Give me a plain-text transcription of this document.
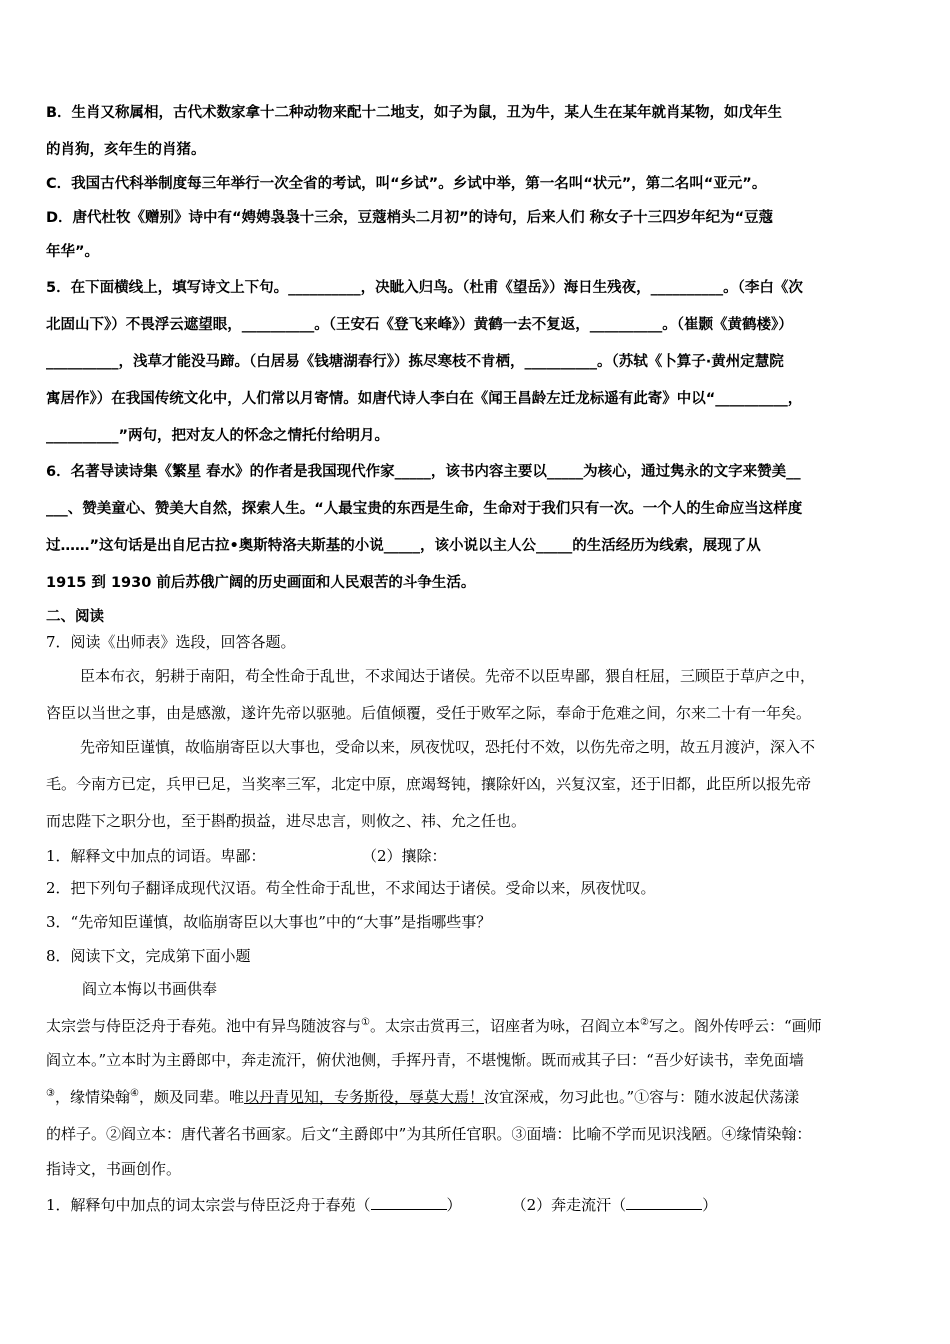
B．生肖又称属相，古代术数家拿十二种动物来配十二地支，如子为鼠，丑为牛，某人生在某年就肖某物，如戊年生
的肖狗，亥年生的肖猪。
C．我国古代科举制度每三年举行一次全省的考试，叫“乡试”。乡试中举，第一名叫“状元”，第二名叫“亚元”。
D．唐代杜牧《赠别》诗中有“娉娉袅袅十三余，豆蔻梢头二月初”的诗句，后来人们 称女子十三四岁年纪为“豆蔻
年华”。
5．在下面横线上，填写诗文上下句。__________，决眦入归鸟。（杜甫《望岳》）海日生残夜，__________。（李白《次
北固山下》）不畏浮云遮望眼，__________。（王安石《登飞来峰》）黄鹤一去不复返，__________。（崔颢《黄鹤楼》）
__________，浅草才能没马蹄。（白居易《钱塘湖春行》）拣尽寒枝不肯栖，__________。（苏轼《卜算子·黄州定慧院
寓居作》）在我国传统文化中，人们常以月寄情。如唐代诗人李白在《闻王昌龄左迁龙标遥有此寄》中以“__________，
__________”两句，把对友人的怀念之情托付给明月。
6．名著导读诗集《繁星 春水》的作者是我国现代作家_____，该书内容主要以_____为核心，通过隽永的文字来赞美__
___、赞美童心、赞美大自然，探索人生。“人最宝贵的东西是生命，生命对于我们只有一次。一个人的生命应当这样度
过……”这句话是出自尼古拉•奥斯特洛夫斯基的小说_____，该小说以主人公_____的生活经历为线索，展现了从
1915 到 1930 前后苏俄广阔的历史画面和人民艰苦的斗争生活。
二、阅读
7．阅读《出师表》选段，回答各题。
臣本布衣，躬耕于南阳，苟全性命于乱世，不求闻达于诸侯。先帝不以臣卑鄙，猥自枉屈，三顾臣于草庐之中，
咨臣以当世之事，由是感激，遂许先帝以驱驰。后值倾覆，受任于败军之际，奉命于危难之间，尔来二十有一年矣。
先帝知臣谨慎，故临崩寄臣以大事也，受命以来，夙夜忧叹，恐托付不效，以伤先帝之明，故五月渡泸，深入不
毛。今南方已定，兵甲已足，当奖率三军，北定中原，庶竭驽钝，攘除奸凶，兴复汉室，还于旧都，此臣所以报先帝
而忠陛下之职分也，至于斟酌损益，进尽忠言，则攸之、祎、允之任也。
1．解释文中加点的词语。卑鄙：	（2）攘除：
2．把下列句子翻译成现代汉语。苟全性命于乱世，不求闻达于诸侯。受命以来，夙夜忧叹。
3．“先帝知臣谨慎，故临崩寄臣以大事也”中的“大事”是指哪些事？
8．阅读下文，完成第下面小题
阎立本悔以书画供奉
太宗尝与侍臣泛舟于春苑。池中有异鸟随波容与①。太宗击赏再三，诏座者为咏，召阎立本②写之。阁外传呼云：“画师
阎立本。”立本时为主爵郎中，奔走流汗，俯伏池侧，手挥丹青，不堪愧惭。既而戒其子曰：“吾少好读书，幸免面墙
③，缘情染翰④，颇及同辈。唯以丹青见知，专务斯役，辱莫大焉！汝宜深戒，勿习此也。”①容与：随水波起伏荡漾
的样子。②阎立本：唐代著名书画家。后文“主爵郎中”为其所任官职。③面墙：比喻不学而见识浅陋。④缘情染翰：
指诗文，书画创作。
1．解释句中加点的词太宗尝与侍臣泛舟于春苑（	）	（2）奔走流汗（	）
